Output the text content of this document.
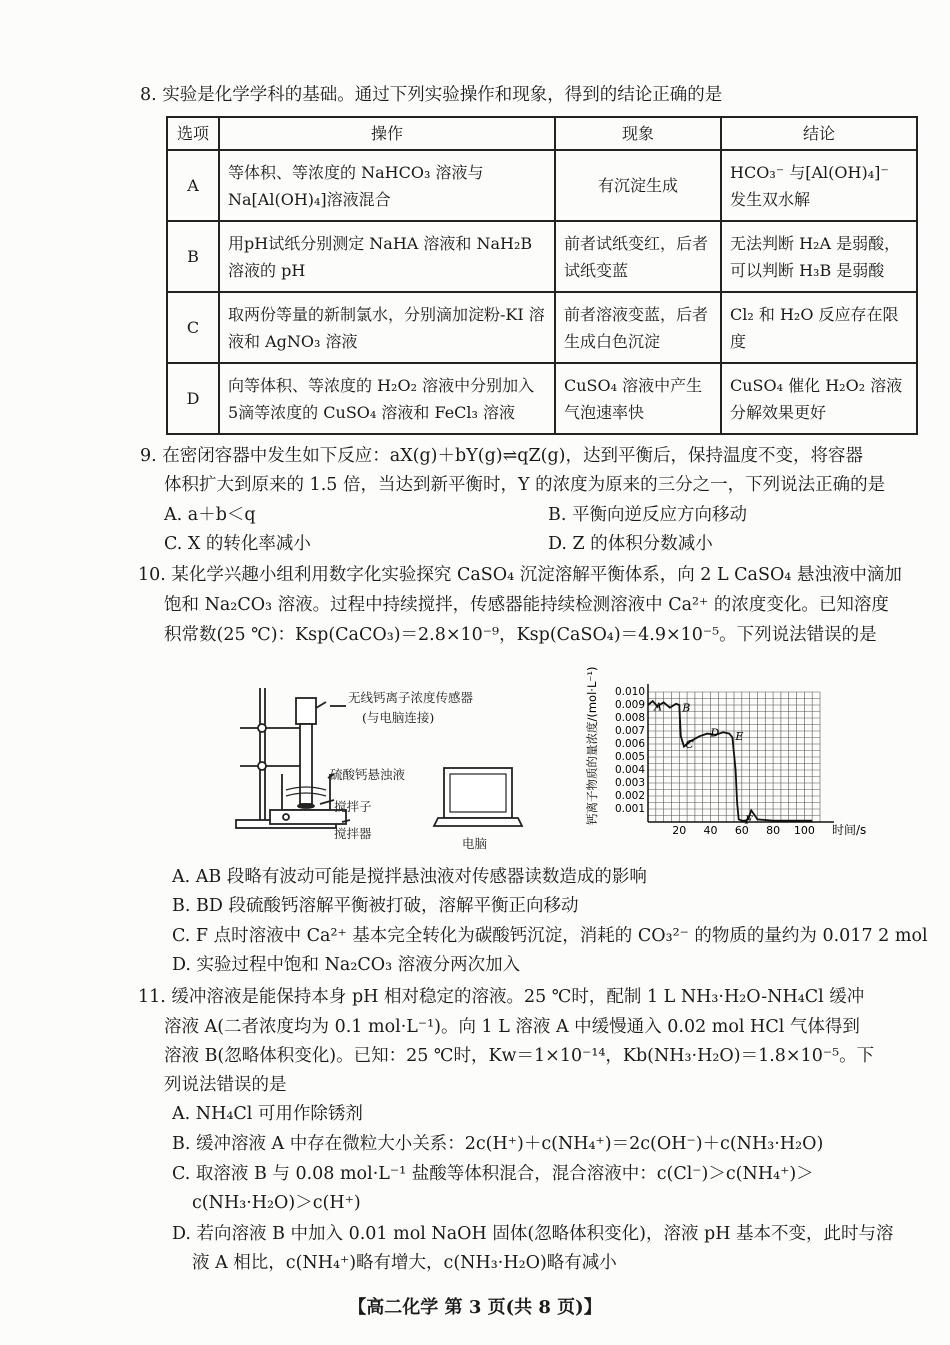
8. 实验是化学学科的基础。通过下列实验操作和现象，得到的结论正确的是
选项	操作	现象	结论
A	等体积、等浓度的 NaHCO₃ 溶液与 Na[Al(OH)₄]溶液混合	有沉淀生成	HCO₃⁻ 与[Al(OH)₄]⁻ 发生双水解
B	用pH试纸分别测定 NaHA 溶液和 NaH₂B 溶液的 pH	前者试纸变红，后者试纸变蓝	无法判断 H₂A 是弱酸，可以判断 H₃B 是弱酸
C	取两份等量的新制氯水，分别滴加淀粉-KI 溶液和 AgNO₃ 溶液	前者溶液变蓝，后者生成白色沉淀	Cl₂ 和 H₂O 反应存在限度
D	向等体积、等浓度的 H₂O₂ 溶液中分别加入 5滴等浓度的 CuSO₄ 溶液和 FeCl₃ 溶液	CuSO₄ 溶液中产生气泡速率快	CuSO₄ 催化 H₂O₂ 溶液分解效果更好
9. 在密闭容器中发生如下反应：aX(g)＋bY(g)⇌qZ(g)，达到平衡后，保持温度不变，将容器
体积扩大到原来的 1.5 倍，当达到新平衡时，Y 的浓度为原来的三分之一，下列说法正确的是
A. a＋b＜q	B. 平衡向逆反应方向移动
C. X 的转化率减小	D. Z 的体积分数减小
10. 某化学兴趣小组利用数字化实验探究 CaSO₄ 沉淀溶解平衡体系，向 2 L CaSO₄ 悬浊液中滴加
饱和 Na₂CO₃ 溶液。过程中持续搅拌，传感器能持续检测溶液中 Ca²⁺ 的浓度变化。已知溶度
积常数(25 ℃)：Ksp(CaCO₃)＝2.8×10⁻⁹，Ksp(CaSO₄)＝4.9×10⁻⁵。下列说法错误的是
无线钙离子浓度传感器
(与电脑连接)
硫酸钙悬浊液
搅拌子
搅拌器
电脑
0.001
0.002
0.003
0.004
0.005
0.006
0.007
0.008
0.009
0.010
20 40 60 80 100 时间/s
钙离子物质的量浓度/(mol·L⁻¹)	A B
C
D E
F
A. AB 段略有波动可能是搅拌悬浊液对传感器读数造成的影响
B. BD 段硫酸钙溶解平衡被打破，溶解平衡正向移动
C. F 点时溶液中 Ca²⁺ 基本完全转化为碳酸钙沉淀，消耗的 CO₃²⁻ 的物质的量约为 0.017 2 mol
D. 实验过程中饱和 Na₂CO₃ 溶液分两次加入
11. 缓冲溶液是能保持本身 pH 相对稳定的溶液。25 ℃时，配制 1 L NH₃·H₂O-NH₄Cl 缓冲
溶液 A(二者浓度均为 0.1 mol·L⁻¹)。向 1 L 溶液 A 中缓慢通入 0.02 mol HCl 气体得到
溶液 B(忽略体积变化)。已知：25 ℃时，Kw＝1×10⁻¹⁴，Kb(NH₃·H₂O)＝1.8×10⁻⁵。下
列说法错误的是
A. NH₄Cl 可用作除锈剂
B. 缓冲溶液 A 中存在微粒大小关系：2c(H⁺)＋c(NH₄⁺)＝2c(OH⁻)＋c(NH₃·H₂O)
C. 取溶液 B 与 0.08 mol·L⁻¹ 盐酸等体积混合，混合溶液中：c(Cl⁻)＞c(NH₄⁺)＞
c(NH₃·H₂O)＞c(H⁺)
D. 若向溶液 B 中加入 0.01 mol NaOH 固体(忽略体积变化)，溶液 pH 基本不变，此时与溶
液 A 相比，c(NH₄⁺)略有增大，c(NH₃·H₂O)略有减小
【高二化学 第 3 页(共 8 页)】
